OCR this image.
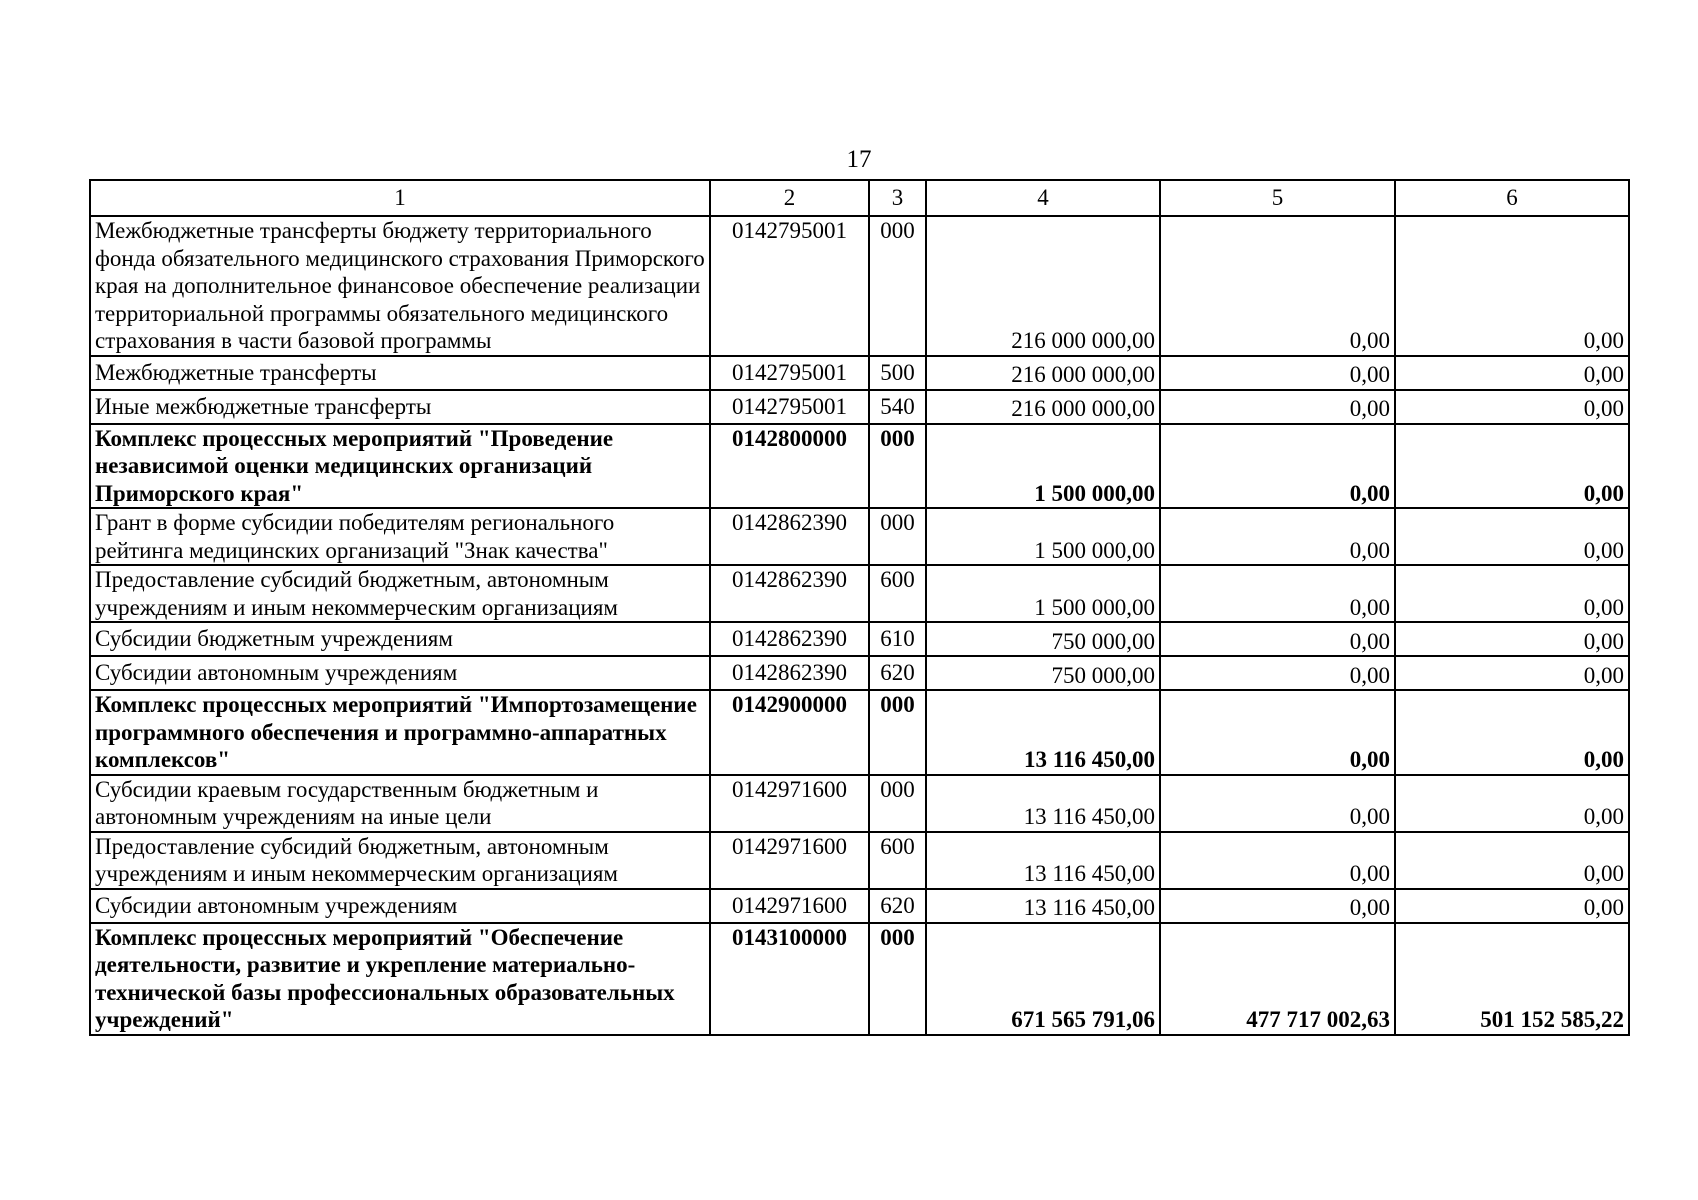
17
1	2	3	4	5	6
Межбюджетные трансферты бюджету территориального фонда обязательного медицинского страхования Приморского края на дополнительное финансовое обеспечение реализации территориальной программы обязательного медицинского страхования в части базовой программы	0142795001	000	216 000 000,00	0,00	0,00
Межбюджетные трансферты	0142795001	500	216 000 000,00	0,00	0,00
Иные межбюджетные трансферты	0142795001	540	216 000 000,00	0,00	0,00
Комплекс процессных мероприятий "Проведение независимой оценки медицинских организаций Приморского края"	0142800000	000	1 500 000,00	0,00	0,00
Грант в форме субсидии победителям регионального рейтинга медицинских организаций "Знак качества"	0142862390	000	1 500 000,00	0,00	0,00
Предоставление субсидий бюджетным, автономным учреждениям и иным некоммерческим организациям	0142862390	600	1 500 000,00	0,00	0,00
Субсидии бюджетным учреждениям	0142862390	610	750 000,00	0,00	0,00
Субсидии автономным учреждениям	0142862390	620	750 000,00	0,00	0,00
Комплекс процессных мероприятий "Импортозамещение программного обеспечения и программно-аппаратных комплексов"	0142900000	000	13 116 450,00	0,00	0,00
Субсидии краевым государственным бюджетным и автономным учреждениям на иные цели	0142971600	000	13 116 450,00	0,00	0,00
Предоставление субсидий бюджетным, автономным учреждениям и иным некоммерческим организациям	0142971600	600	13 116 450,00	0,00	0,00
Субсидии автономным учреждениям	0142971600	620	13 116 450,00	0,00	0,00
Комплекс процессных мероприятий "Обеспечение деятельности, развитие и укрепление материально-технической базы профессиональных образовательных учреждений"	0143100000	000	671 565 791,06	477 717 002,63	501 152 585,22
